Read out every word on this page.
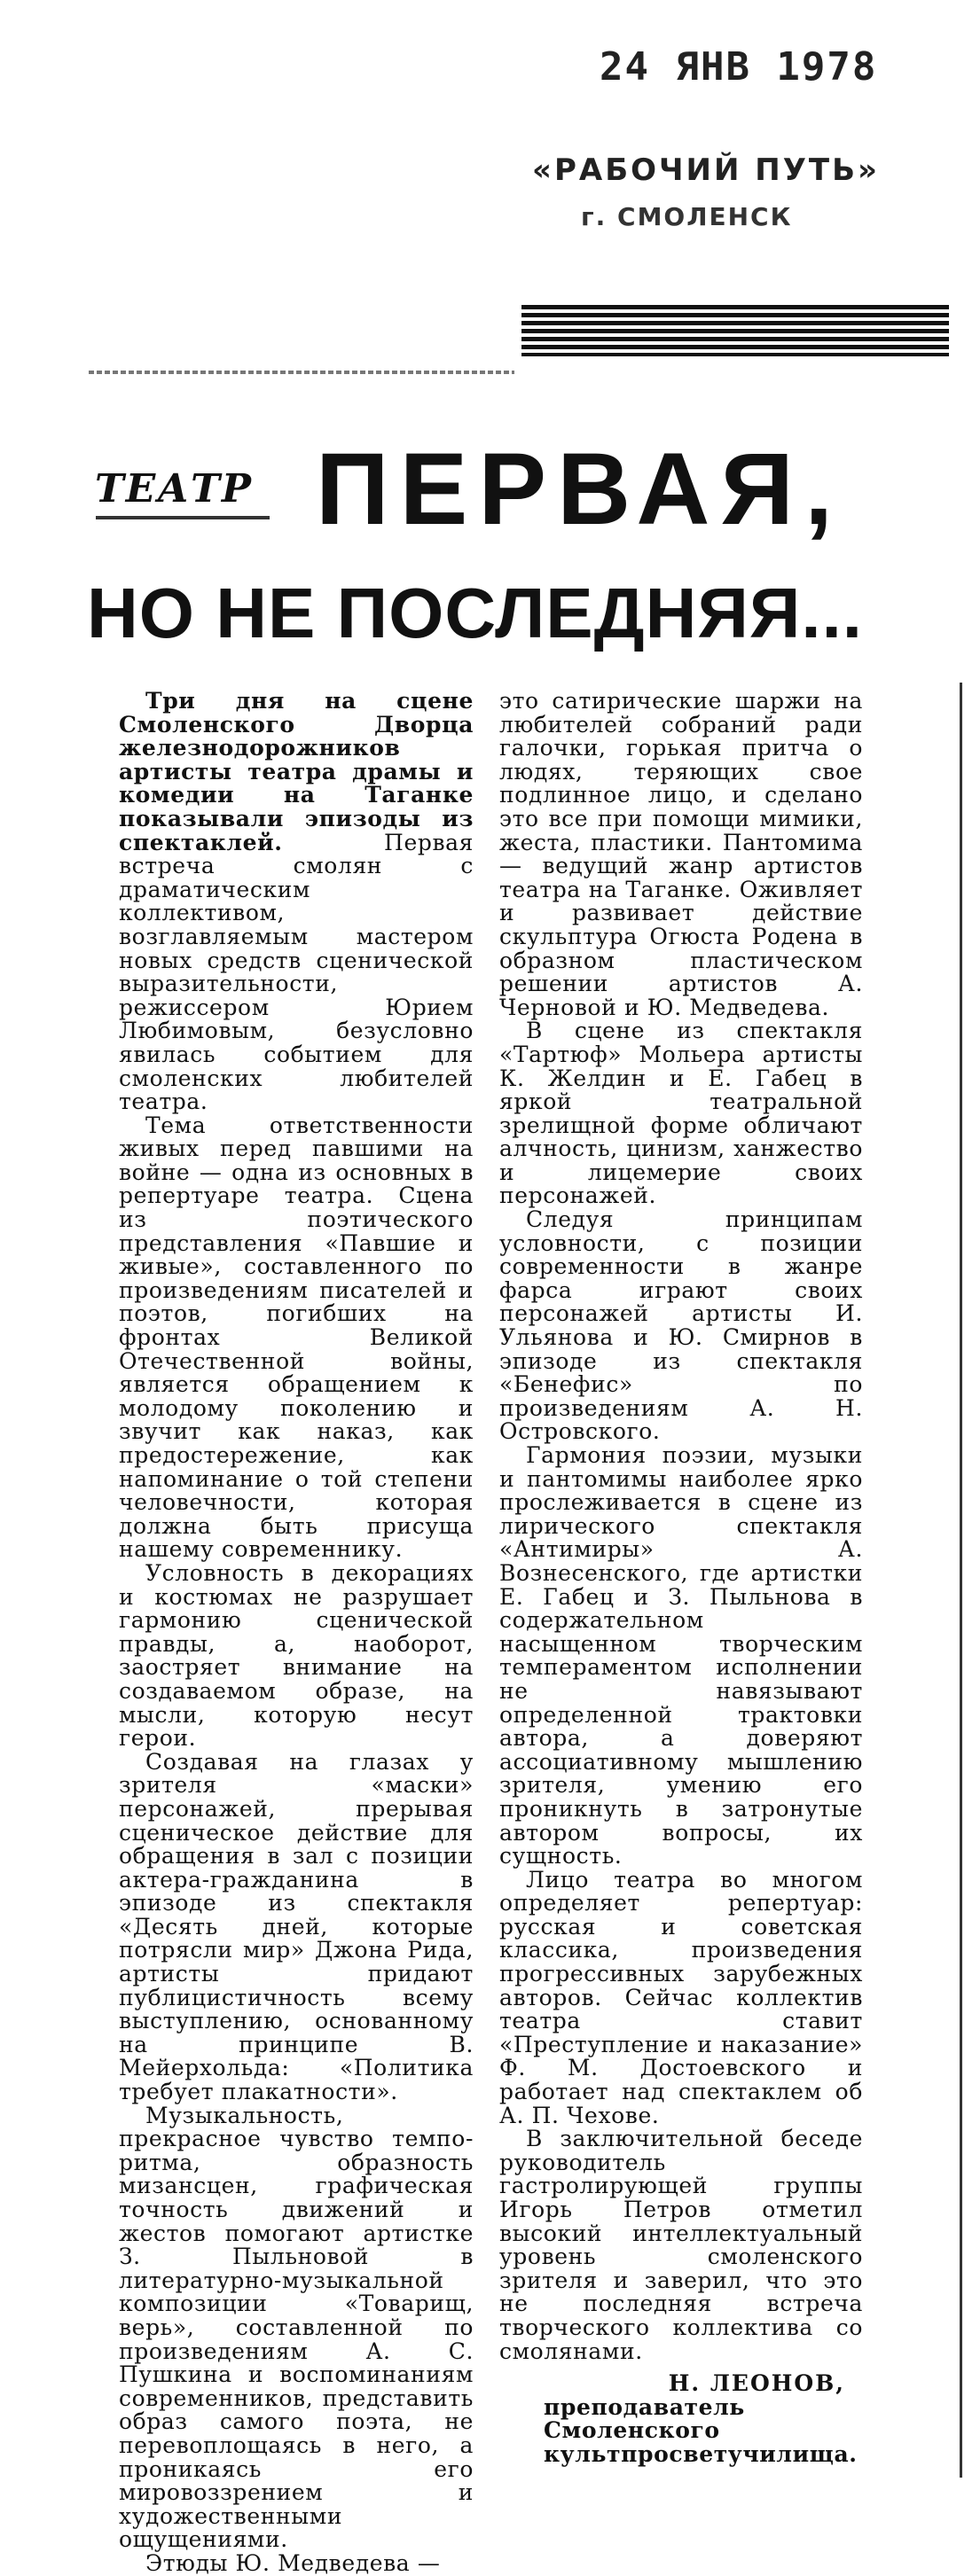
24 ЯНВ 1978
«РАБОЧИЙ ПУТЬ»
г. СМОЛЕНСК
ТЕАТР ПЕРВАЯ,
НО НЕ ПОСЛЕДНЯЯ...

Три дня на сцене Смоленского Дворца железнодорожников артисты театра драмы и комедии на Таганке показывали эпизоды из спектаклей.	Первая встреча смолян с драматическим коллективом, возглавляемым мастером новых средств сценической выразительности, режиссером Юрием Любимовым, безусловно явилась событием для смоленских любителей театра.

Тема ответственности живых перед павшими на войне — одна из основных в репертуаре театра. Сцена из поэтического представления «Павшие и живые», составленного по произведениям писателей и поэтов, погибших на фронтах Великой Отечественной войны, является обращением к молодому поколению и звучит как наказ, как предостережение, как напоминание о той степени человечности, которая должна быть присуща нашему современнику.

Условность в декорациях и костюмах не разрушает гармонию сценической правды, а, наоборот, заостряет внимание на создаваемом образе, на мысли, которую несут герои.

Создавая на глазах у зрителя «маски» персонажей, прерывая сценическое действие для обращения в зал с позиции актера-гражданина в эпизоде из спектакля «Десять дней, которые потрясли мир» Джона Рида, артисты придают публицистичность всему выступлению, основанному на принципе В. Мейерхольда: «Политика требует плакатности».

Музыкальность, прекрасное чувство темпо-ритма, образность мизансцен, графическая точность движений и жестов помогают артистке З. Пыльновой в литературно-музыкальной композиции «Товарищ, верь», составленной по произведениям А. С. Пушкина и воспоминаниям современников, представить образ самого поэта, не перевоплощаясь в него, а проникаясь его мировоззрением и художественными ощущениями.

Этюды Ю. Медведева —

это сатирические шаржи на любителей собраний ради галочки, горькая притча о людях, теряющих свое подлинное лицо, и сделано это все при помощи мимики, жеста, пластики. Пантомима — ведущий жанр артистов театра на Таганке. Оживляет и развивает действие скульптура Огюста Родена в образном пластическом решении артистов А. Черновой и Ю. Медведева.

В сцене из спектакля «Тартюф» Мольера артисты К. Желдин и Е. Габец в яркой театральной зрелищной форме обличают алчность, цинизм, ханжество и лицемерие своих персонажей.

Следуя принципам условности, с позиции современности в жанре фарса играют своих персонажей артисты И. Ульянова и Ю. Смирнов в эпизоде из спектакля «Бенефис» по произведениям А. Н. Островского.

Гармония поэзии, музыки и пантомимы наиболее ярко прослеживается в сцене из лирического спектакля «Антимиры» А. Вознесенского, где артистки Е. Габец и З. Пыльнова в содержательном насыщенном творческим темпераментом исполнении не навязывают определенной трактовки автора, а доверяют ассоциативному мышлению зрителя, умению его проникнуть в затронутые автором вопросы, их сущность.

Лицо театра во многом определяет репертуар: русская и советская классика, произведения прогрессивных зарубежных авторов. Сейчас коллектив театра ставит «Преступление и наказание» Ф. М. Достоевского и работает над спектаклем об А. П. Чехове.

В заключительной беседе руководитель гастролирующей группы Игорь Петров отметил высокий интеллектуальный уровень смоленского зрителя и заверил, что это не последняя встреча творческого коллектива со смолянами.

Н. ЛЕОНОВ,
преподаватель Смоленского культпросветучилища.
